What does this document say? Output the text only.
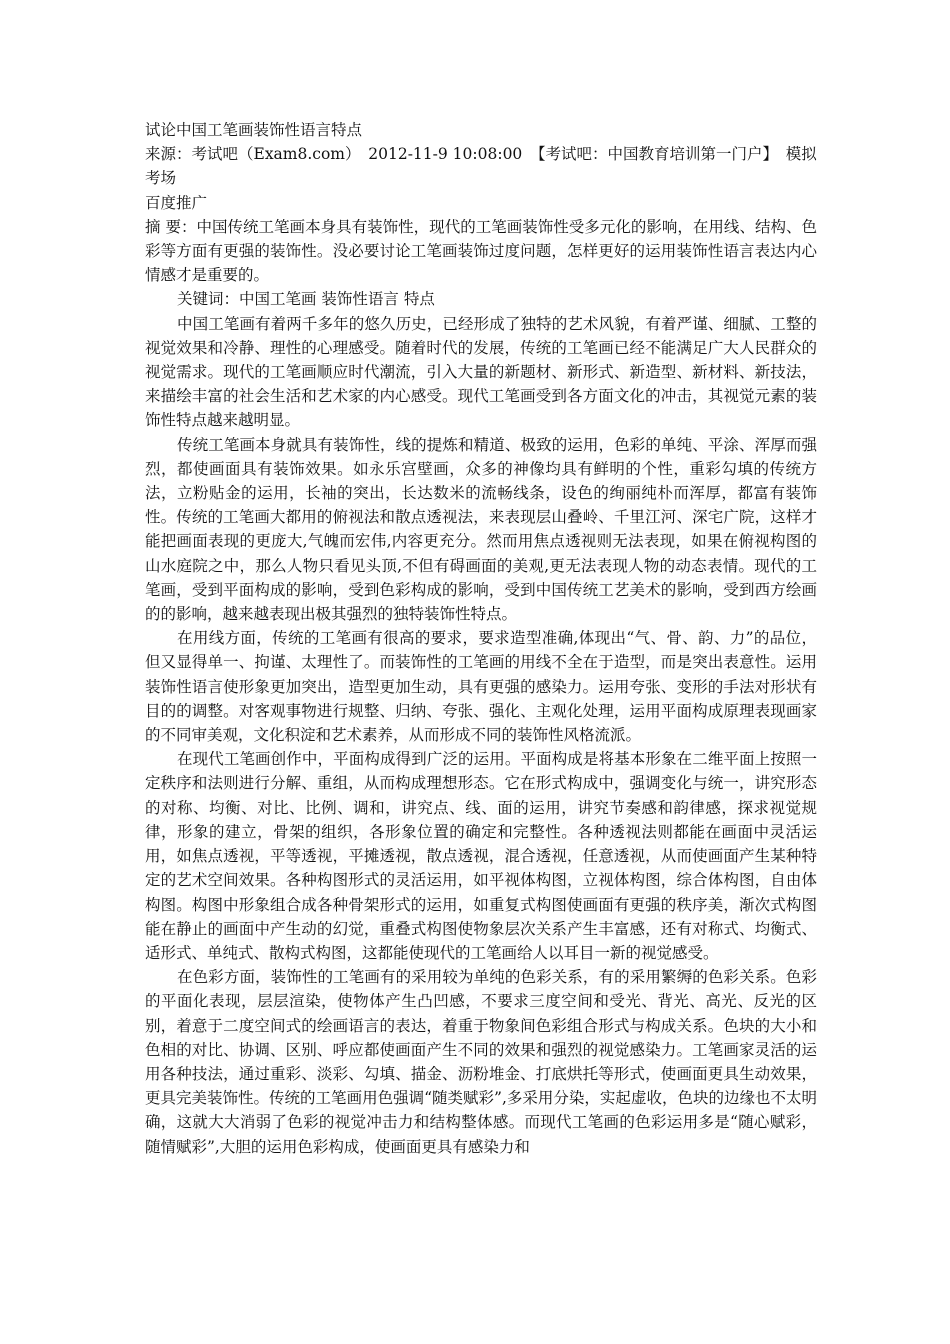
试论中国工笔画装饰性语言特点
来源：考试吧（Exam8.com）　2012-11-9 10:08:00　【考试吧：中国教育培训第一门户】　模拟考场
百度推广

摘 要：中国传统工笔画本身具有装饰性，现代的工笔画装饰性受多元化的影响，在用线、结构、色彩等方面有更强的装饰性。没必要讨论工笔画装饰过度问题，怎样更好的运用装饰性语言表达内心情感才是重要的。

关键词：中国工笔画 装饰性语言 特点

中国工笔画有着两千多年的悠久历史，已经形成了独特的艺术风貌，有着严谨、细腻、工整的视觉效果和冷静、理性的心理感受。随着时代的发展，传统的工笔画已经不能满足广大人民群众的视觉需求。现代的工笔画顺应时代潮流，引入大量的新题材、新形式、新造型、新材料、新技法，来描绘丰富的社会生活和艺术家的内心感受。现代工笔画受到各方面文化的冲击，其视觉元素的装饰性特点越来越明显。

传统工笔画本身就具有装饰性，线的提炼和精道、极致的运用，色彩的单纯、平涂、浑厚而强烈，都使画面具有装饰效果。如永乐宫壁画，众多的神像均具有鲜明的个性，重彩勾填的传统方法，立粉贴金的运用，长袖的突出，长达数米的流畅线条，设色的绚丽纯朴而浑厚，都富有装饰性。传统的工笔画大都用的俯视法和散点透视法，来表现层山叠岭、千里江河、深宅广院，这样才能把画面表现的更庞大,气魄而宏伟,内容更充分。然而用焦点透视则无法表现，如果在俯视构图的山水庭院之中，那么人物只看见头顶,不但有碍画面的美观,更无法表现人物的动态表情。现代的工笔画，受到平面构成的影响，受到色彩构成的影响，受到中国传统工艺美术的影响，受到西方绘画的的影响，越来越表现出极其强烈的独特装饰性特点。

在用线方面，传统的工笔画有很高的要求，要求造型准确,体现出“气、骨、韵、力”的品位，但又显得单一、拘谨、太理性了。而装饰性的工笔画的用线不全在于造型，而是突出表意性。运用装饰性语言使形象更加突出，造型更加生动，具有更强的感染力。运用夸张、变形的手法对形状有目的的调整。对客观事物进行规整、归纳、夸张、强化、主观化处理，运用平面构成原理表现画家的不同审美观，文化积淀和艺术素养，从而形成不同的装饰性风格流派。

在现代工笔画创作中，平面构成得到广泛的运用。平面构成是将基本形象在二维平面上按照一定秩序和法则进行分解、重组，从而构成理想形态。它在形式构成中，强调变化与统一，讲究形态的对称、均衡、对比、比例、调和，讲究点、线、面的运用，讲究节奏感和韵律感，探求视觉规律，形象的建立，骨架的组织，各形象位置的确定和完整性。各种透视法则都能在画面中灵活运用，如焦点透视，平等透视，平摊透视，散点透视，混合透视，任意透视，从而使画面产生某种特定的艺术空间效果。各种构图形式的灵活运用，如平视体构图，立视体构图，综合体构图，自由体构图。构图中形象组合成各种骨架形式的运用，如重复式构图使画面有更强的秩序美，渐次式构图能在静止的画面中产生动的幻觉，重叠式构图使物象层次关系产生丰富感，还有对称式、均衡式、适形式、单纯式、散构式构图，这都能使现代的工笔画给人以耳目一新的视觉感受。

在色彩方面，装饰性的工笔画有的采用较为单纯的色彩关系，有的采用繁缛的色彩关系。色彩的平面化表现，层层渲染，使物体产生凸凹感，不要求三度空间和受光、背光、高光、反光的区别，着意于二度空间式的绘画语言的表达，着重于物象间色彩组合形式与构成关系。色块的大小和色相的对比、协调、区别、呼应都使画面产生不同的效果和强烈的视觉感染力。工笔画家灵活的运用各种技法，通过重彩、淡彩、勾填、描金、沥粉堆金、打底烘托等形式，使画面更具生动效果，更具完美装饰性。传统的工笔画用色强调“随类赋彩”,多采用分染，实起虚收，色块的边缘也不太明确，这就大大消弱了色彩的视觉冲击力和结构整体感。而现代工笔画的色彩运用多是“随心赋彩，随情赋彩”,大胆的运用色彩构成，使画面更具有感染力和
